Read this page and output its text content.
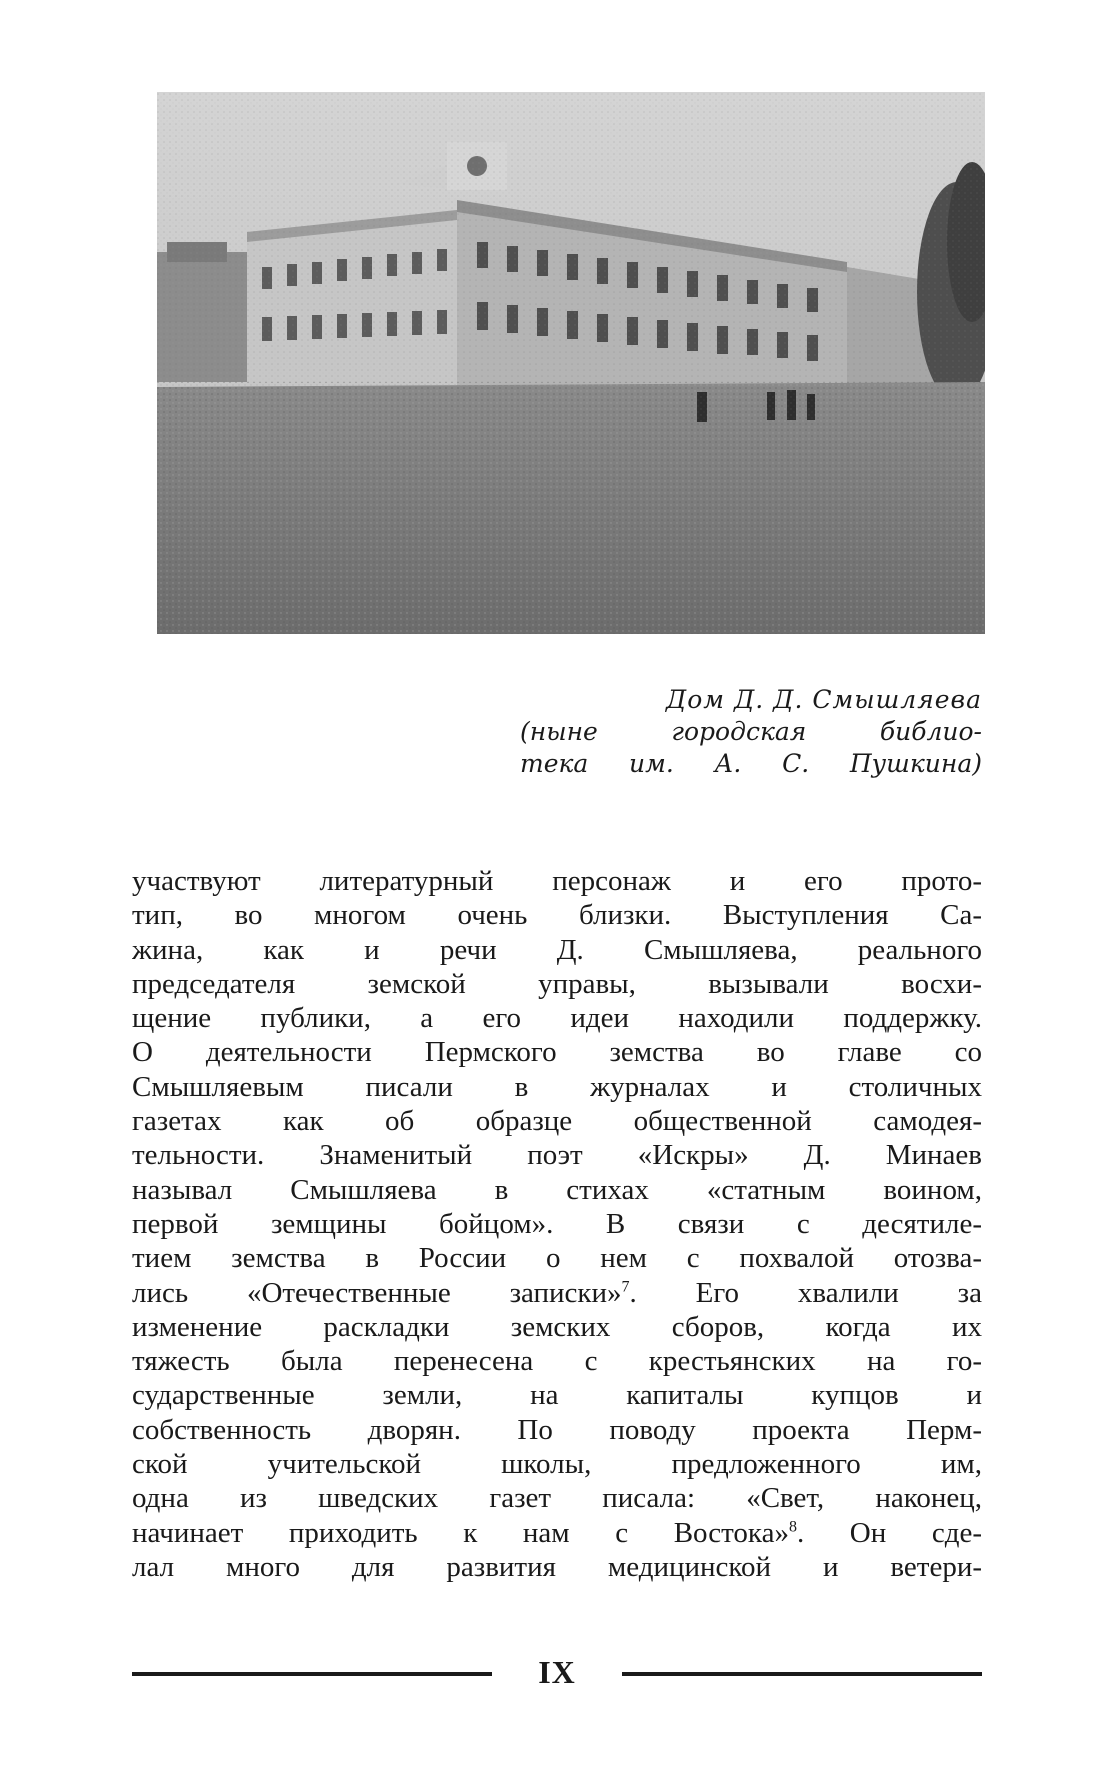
Дом Д. Д. Смышляева
(ныне городская библио-
тека им. А. С. Пушкина)
участвуют литературный персонаж и его прото-
тип, во многом очень близки. Выступления Са-
жина, как и речи Д. Смышляева, реального
председателя земской управы, вызывали восхи-
щение публики, а его идеи находили поддержку.
О деятельности Пермского земства во главе со
Смышляевым писали в журналах и столичных
газетах как об образце общественной самодея-
тельности. Знаменитый поэт «Искры» Д. Минаев
называл Смышляева в стихах «статным воином,
первой земщины бойцом». В связи с десятиле-
тием земства в России о нем с похвалой отозва-
лись «Отечественные записки»$^7$. Его хвалили за
изменение раскладки земских сборов, когда их
тяжесть была перенесена с крестьянских на го-
сударственные земли, на капиталы купцов и
собственность дворян. По поводу проекта Перм-
ской учительской школы, предложенного им,
одна из шведских газет писала: «Свет, наконец,
начинает приходить к нам с Востока»$^8$. Он сде-
лал много для развития медицинской и ветери-
IX
